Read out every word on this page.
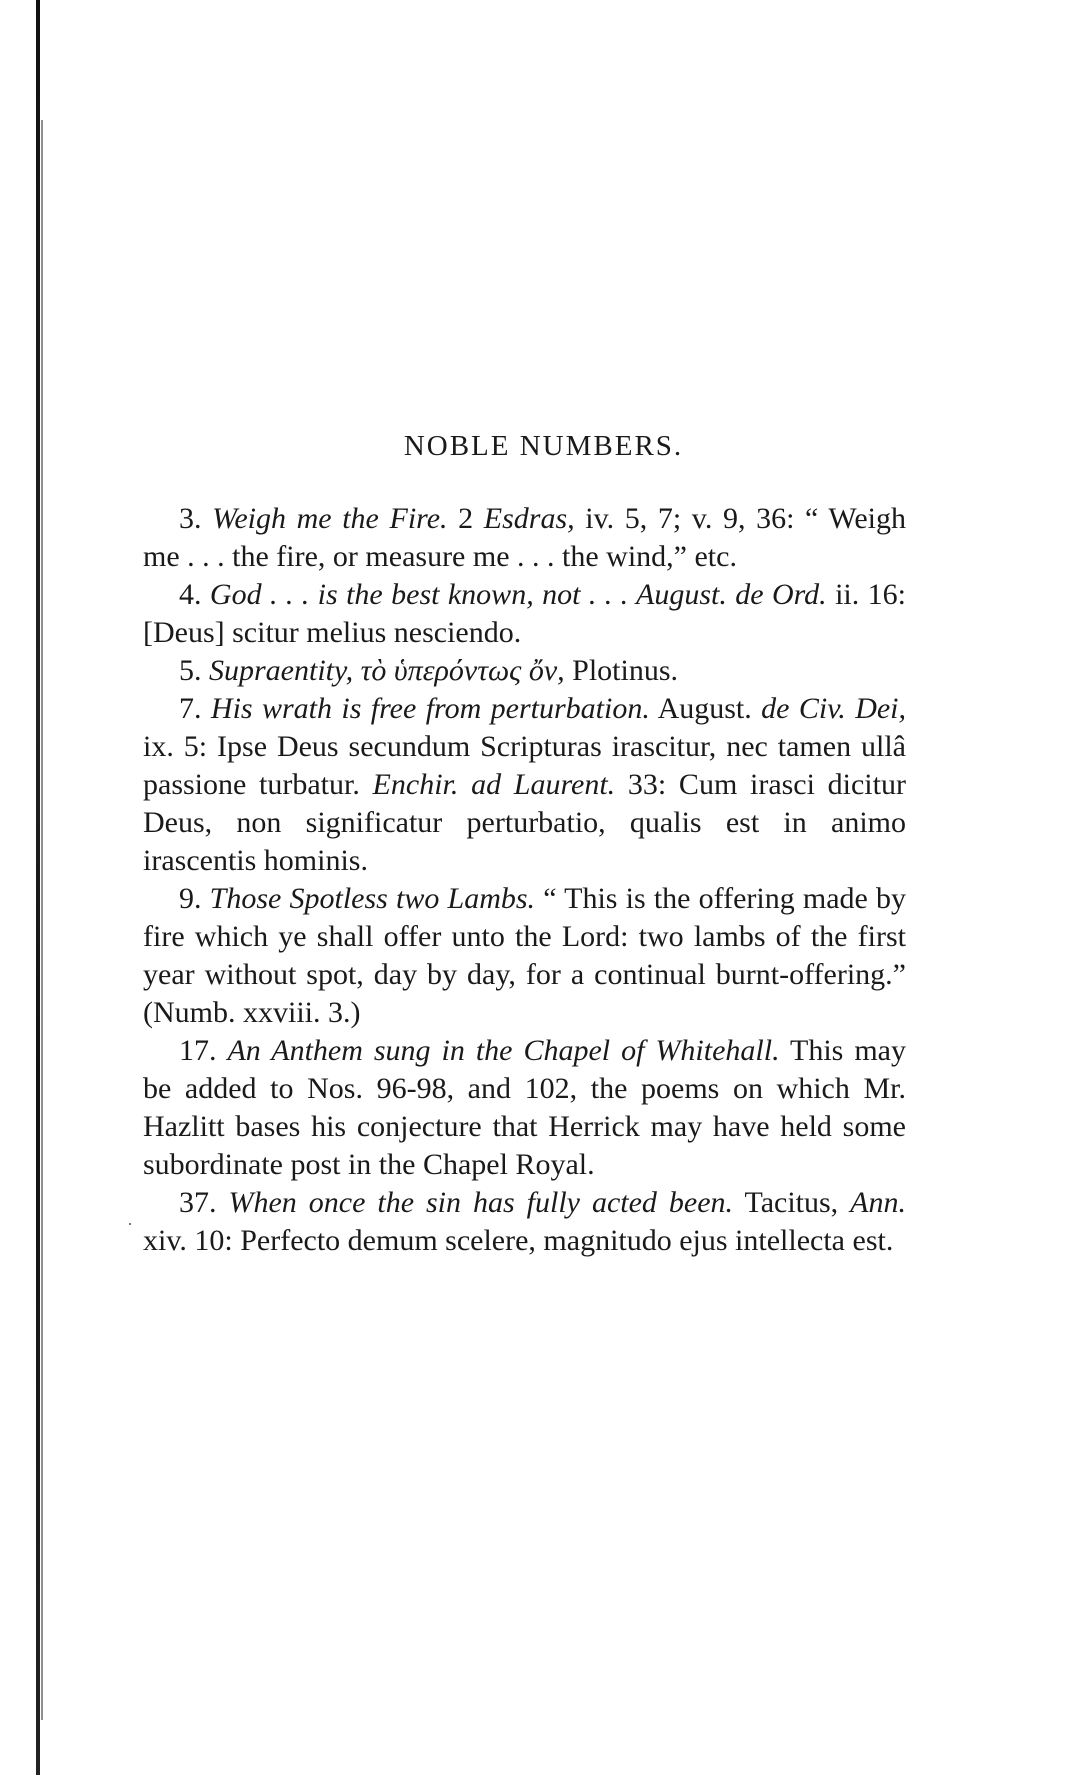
NOBLE NUMBERS.

3. Weigh me the Fire. 2 Esdras, iv. 5, 7; v. 9, 36: “ Weigh me . . . the fire, or measure me . . . the wind,” etc.

4. God . . . is the best known, not . . . August. de Ord. ii. 16: [Deus] scitur melius nesciendo.

5. Supraentity, τὸ ὑπερόντως ὄν, Plotinus.

7. His wrath is free from perturbation. August. de Civ. Dei, ix. 5: Ipse Deus secundum Scripturas irascitur, nec tamen ullâ passione turbatur. Enchir. ad Laurent. 33: Cum irasci dicitur Deus, non significatur perturbatio, qualis est in animo irascentis hominis.

9. Those Spotless two Lambs. “ This is the offering made by fire which ye shall offer unto the Lord: two lambs of the first year without spot, day by day, for a continual burnt-offering.” (Numb. xxviii. 3.)

17. An Anthem sung in the Chapel of Whitehall. This may be added to Nos. 96-98, and 102, the poems on which Mr. Hazlitt bases his conjecture that Herrick may have held some subordinate post in the Chapel Royal.

37. When once the sin has fully acted been. Tacitus, Ann. xiv. 10: Perfecto demum scelere, magnitudo ejus intellecta est.
